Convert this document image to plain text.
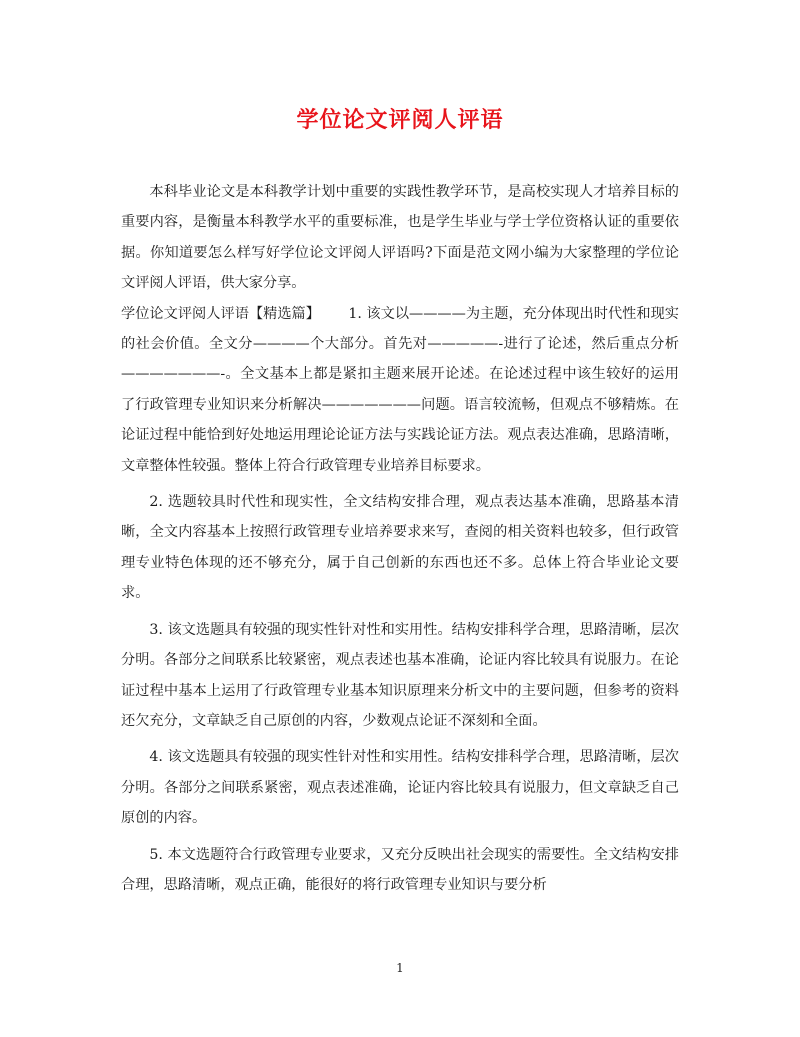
学位论文评阅人评语

本科毕业论文是本科教学计划中重要的实践性教学环节，是高校实现人才培养目标的重要内容，是衡量本科教学水平的重要标准，也是学生毕业与学士学位资格认证的重要依据。你知道要怎么样写好学位论文评阅人评语吗?下面是范文网小编为大家整理的学位论文评阅人评语，供大家分享。

学位论文评阅人评语【精选篇】   1. 该文以————为主题，充分体现出时代性和现实的社会价值。全文分————个大部分。首先对—————-进行了论述，然后重点分析———————-。全文基本上都是紧扣主题来展开论述。在论述过程中该生较好的运用了行政管理专业知识来分析解决———————问题。语言较流畅，但观点不够精炼。在论证过程中能恰到好处地运用理论论证方法与实践论证方法。观点表达准确，思路清晰，文章整体性较强。整体上符合行政管理专业培养目标要求。

2. 选题较具时代性和现实性，全文结构安排合理，观点表达基本准确，思路基本清晰，全文内容基本上按照行政管理专业培养要求来写，查阅的相关资料也较多，但行政管理专业特色体现的还不够充分，属于自己创新的东西也还不多。总体上符合毕业论文要求。

3. 该文选题具有较强的现实性针对性和实用性。结构安排科学合理，思路清晰，层次分明。各部分之间联系比较紧密，观点表述也基本准确，论证内容比较具有说服力。在论证过程中基本上运用了行政管理专业基本知识原理来分析文中的主要问题，但参考的资料还欠充分，文章缺乏自己原创的内容，少数观点论证不深刻和全面。

4. 该文选题具有较强的现实性针对性和实用性。结构安排科学合理，思路清晰，层次分明。各部分之间联系紧密，观点表述准确，论证内容比较具有说服力，但文章缺乏自己原创的内容。

5. 本文选题符合行政管理专业要求，又充分反映出社会现实的需要性。全文结构安排合理，思路清晰，观点正确，能很好的将行政管理专业知识与要分析

1
